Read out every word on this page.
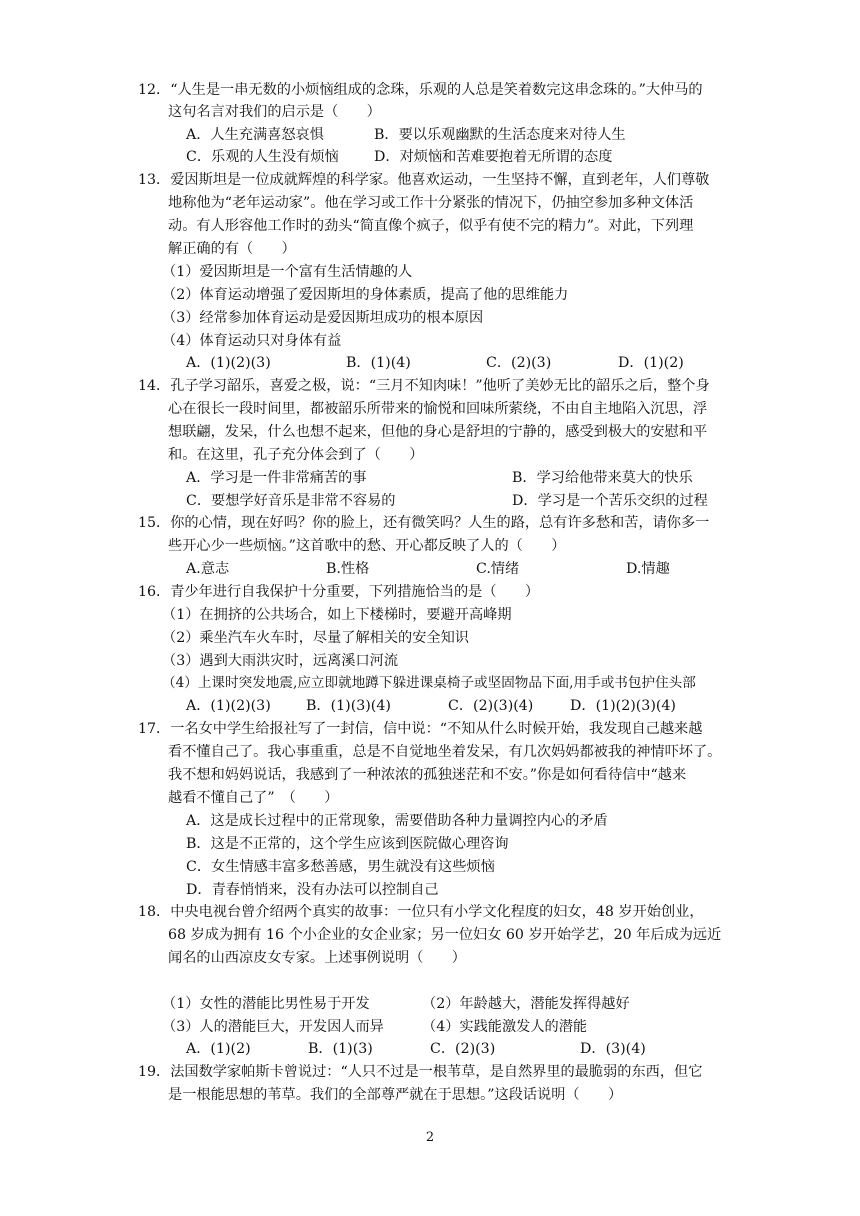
12．“人生是一串无数的小烦恼组成的念珠，乐观的人总是笑着数完这串念珠的。”大仲马的
这句名言对我们的启示是（　　）
A．人生充满喜怒哀惧	B．要以乐观幽默的生活态度来对待人生
C．乐观的人生没有烦恼 D．对烦恼和苦难要抱着无所谓的态度
13．爱因斯坦是一位成就辉煌的科学家。他喜欢运动，一生坚持不懈，直到老年，人们尊敬
地称他为“老年运动家”。他在学习或工作十分紧张的情况下，仍抽空参加多种文体活
动。有人形容他工作时的劲头“简直像个疯子，似乎有使不完的精力”。对此，下列理
解正确的有（　　）
（1）爱因斯坦是一个富有生活情趣的人
（2）体育运动增强了爱因斯坦的身体素质，提高了他的思维能力
（3）经常参加体育运动是爱因斯坦成功的根本原因
（4）体育运动只对身体有益
A．(1)(2)(3)	B．(1)(4)	C．(2)(3)	D．(1)(2)
14．孔子学习韶乐，喜爱之极，说：“三月不知肉味！”他听了美妙无比的韶乐之后，整个身
心在很长一段时间里，都被韶乐所带来的愉悦和回味所萦绕，不由自主地陷入沉思，浮
想联翩，发呆，什么也想不起来，但他的身心是舒坦的宁静的，感受到极大的安慰和平
和。在这里，孔子充分体会到了（　　）
A．学习是一件非常痛苦的事	B．学习给他带来莫大的快乐
C．要想学好音乐是非常不容易的	D．学习是一个苦乐交织的过程
15．你的心情，现在好吗？你的脸上，还有微笑吗？人生的路，总有许多愁和苦，请你多一
些开心少一些烦恼。”这首歌中的愁、开心都反映了人的（　　）
A.意志	B.性格	C.情绪	D.情趣
16．青少年进行自我保护十分重要，下列措施恰当的是（　　）
（1）在拥挤的公共场合，如上下楼梯时，要避开高峰期
（2）乘坐汽车火车时，尽量了解相关的安全知识
（3）遇到大雨洪灾时，远离溪口河流
（4）上课时突发地震,应立即就地蹲下躲进课桌椅子或坚固物品下面,用手或书包护住头部
A．(1)(2)(3) B．(1)(3)(4)	C．(2)(3)(4)	D．(1)(2)(3)(4)
17．一名女中学生给报社写了一封信，信中说：“不知从什么时候开始，我发现自己越来越
看不懂自己了。我心事重重，总是不自觉地坐着发呆，有几次妈妈都被我的神情吓坏了。
我不想和妈妈说话，我感到了一种浓浓的孤独迷茫和不安。”你是如何看待信中“越来
越看不懂自己了”　（　　）
A．这是成长过程中的正常现象，需要借助各种力量调控内心的矛盾
B．这是不正常的，这个学生应该到医院做心理咨询
C．女生情感丰富多愁善感，男生就没有这些烦恼
D．青春悄悄来，没有办法可以控制自己
18．中央电视台曾介绍两个真实的故事：一位只有小学文化程度的妇女，48 岁开始创业，
68 岁成为拥有 16 个小企业的女企业家；另一位妇女 60 岁开始学艺，20 年后成为远近
闻名的山西凉皮女专家。上述事例说明（　　）
（1）女性的潜能比男性易于开发	（2）年龄越大，潜能发挥得越好
（3）人的潜能巨大，开发因人而异	（4）实践能激发人的潜能
A．(1)(2)	B．(1)(3)	C．(2)(3)	D．(3)(4)
19．法国数学家帕斯卡曾说过：“人只不过是一根苇草，是自然界里的最脆弱的东西，但它
是一根能思想的苇草。我们的全部尊严就在于思想。”这段话说明（　　）
2
